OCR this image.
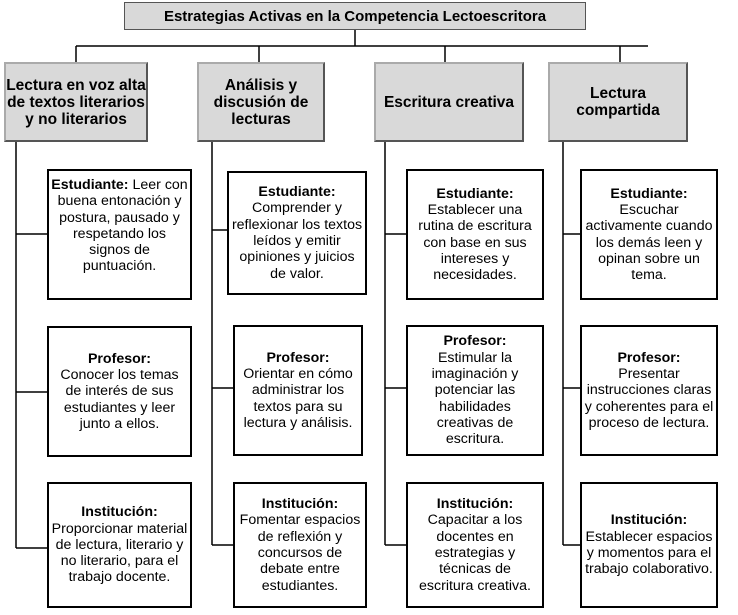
Estrategias Activas en la Competencia Lectoescritora
Lectura en voz alta de textos literarios y no literarios
Análisis y discusión de lecturas
Escritura creativa	Lectura compartida
Estudiante: Leer con buena entonación y postura, pausado y respetando los signos de puntuación.
Profesor:
Conocer los temas de interés de sus estudiantes y leer junto a ellos.
Institución:
Proporcionar material de lectura, literario y no literario, para el trabajo docente.
Estudiante:
Comprender y reflexionar los textos leídos y emitir opiniones y juicios de valor.
Profesor:
Orientar en cómo administrar los textos para su lectura y análisis.
Institución:
Fomentar espacios de reflexión y concursos de debate entre estudiantes.
Estudiante:
Establecer una rutina de escritura con base en sus intereses y necesidades.
Profesor:
Estimular la imaginación y potenciar las habilidades creativas de escritura.
Institución:
Capacitar a los docentes en estrategias y técnicas de escritura creativa.
Estudiante:
Escuchar activamente cuando los demás leen y opinan sobre un tema.
Profesor:
Presentar instrucciones claras y coherentes para el proceso de lectura.
Institución:
Establecer espacios y momentos para el trabajo colaborativo.
